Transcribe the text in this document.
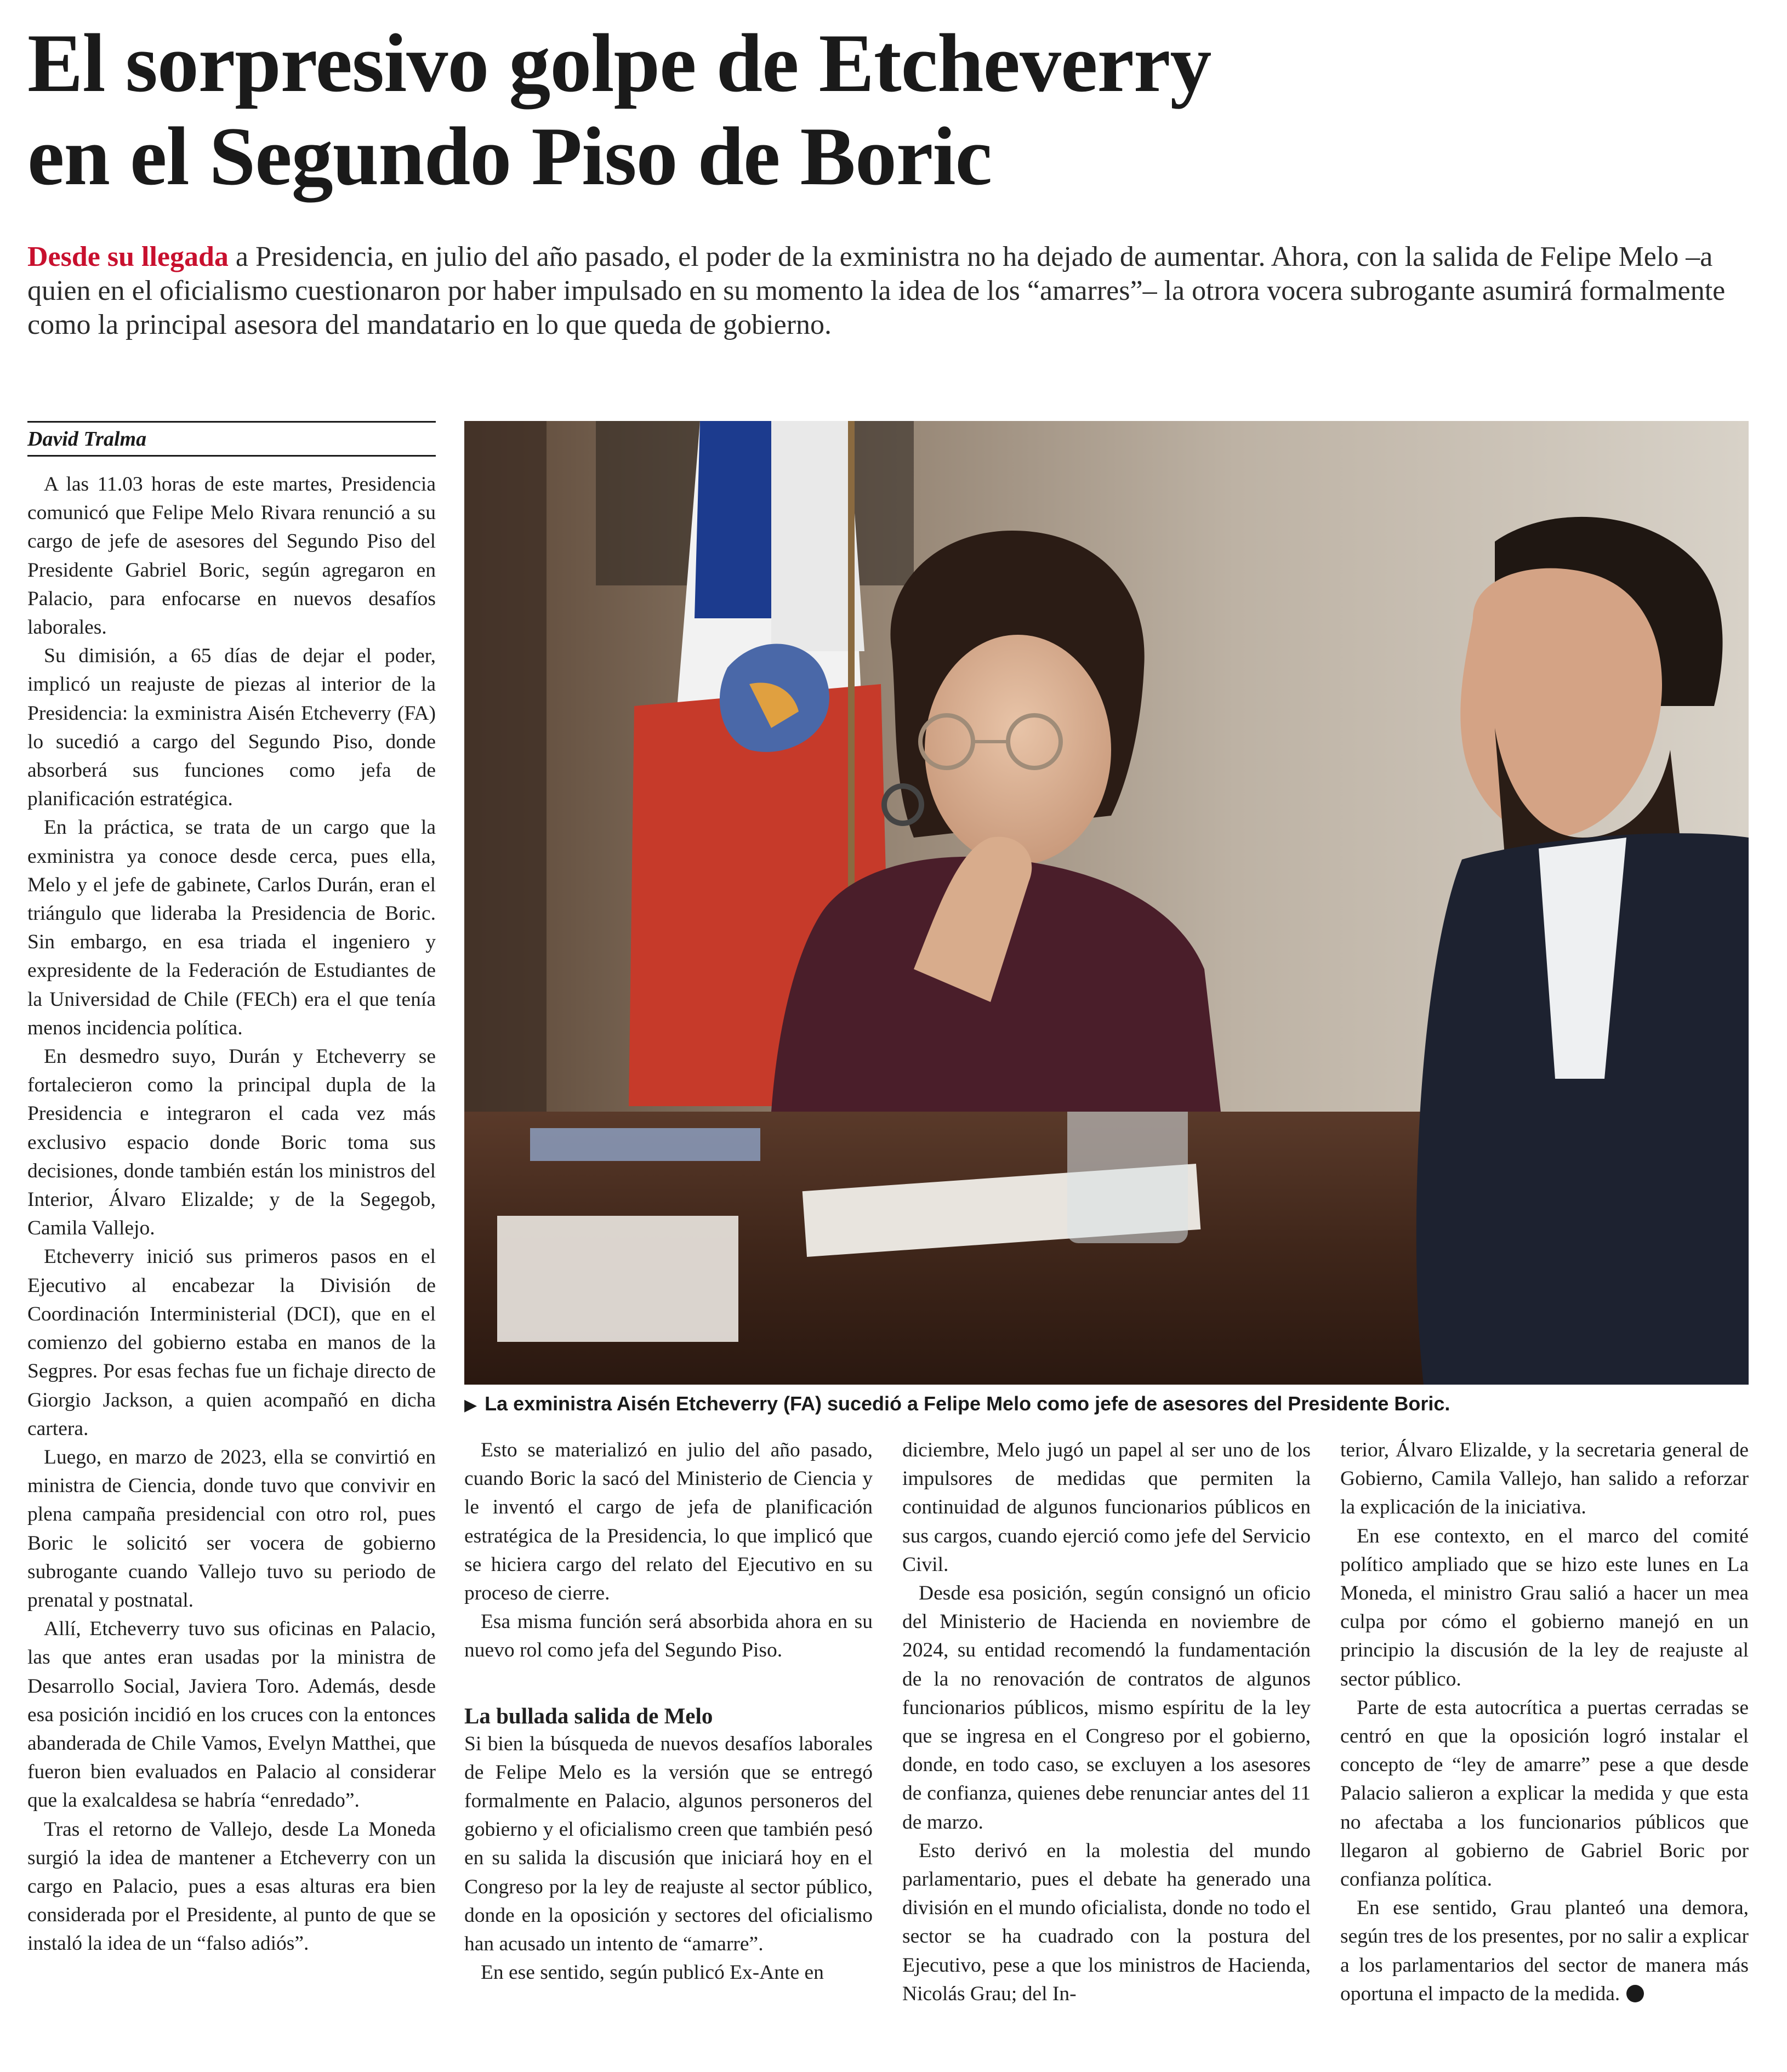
El sorpresivo golpe de Etcheverry
en el Segundo Piso de Boric

Desde su llegada a Presidencia, en julio del año pasado, el poder de la exministra no ha dejado de aumentar. Ahora, con la salida de Felipe Melo –a quien en el oficialismo cuestionaron por haber impulsado en su momento la idea de los “amarres”– la otrora vocera subrogante asumirá formalmente como la principal asesora del mandatario en lo que queda de gobierno.

David Tralma

A las 11.03 horas de este martes, Presidencia comunicó que Felipe Melo Rivara renunció a su cargo de jefe de asesores del Segundo Piso del Presidente Gabriel Boric, según agregaron en Palacio, para enfocarse en nuevos desafíos laborales.

Su dimisión, a 65 días de dejar el poder, implicó un reajuste de piezas al interior de la Presidencia: la exministra Aisén Etcheverry (FA) lo sucedió a cargo del Segundo Piso, donde absorberá sus funciones como jefa de planificación estratégica.

En la práctica, se trata de un cargo que la exministra ya conoce desde cerca, pues ella, Melo y el jefe de gabinete, Carlos Durán, eran el triángulo que lideraba la Presidencia de Boric. Sin embargo, en esa triada el ingeniero y expresidente de la Federación de Estudiantes de la Universidad de Chile (FECh) era el que tenía menos incidencia política.

En desmedro suyo, Durán y Etcheverry se fortalecieron como la principal dupla de la Presidencia e integraron el cada vez más exclusivo espacio donde Boric toma sus decisiones, donde también están los ministros del Interior, Álvaro Elizalde; y de la Segegob, Camila Vallejo.

Etcheverry inició sus primeros pasos en el Ejecutivo al encabezar la División de Coordinación Interministerial (DCI), que en el comienzo del gobierno estaba en manos de la Segpres. Por esas fechas fue un fichaje directo de Giorgio Jackson, a quien acompañó en dicha cartera.

Luego, en marzo de 2023, ella se convirtió en ministra de Ciencia, donde tuvo que convivir en plena campaña presidencial con otro rol, pues Boric le solicitó ser vocera de gobierno subrogante cuando Vallejo tuvo su periodo de prenatal y postnatal.

Allí, Etcheverry tuvo sus oficinas en Palacio, las que antes eran usadas por la ministra de Desarrollo Social, Javiera Toro. Además, desde esa posición incidió en los cruces con la entonces abanderada de Chile Vamos, Evelyn Matthei, que fueron bien evaluados en Palacio al considerar que la exalcaldesa se habría “enredado”.

Tras el retorno de Vallejo, desde La Moneda surgió la idea de mantener a Etcheverry con un cargo en Palacio, pues a esas alturas era bien considerada por el Presidente, al punto de que se instaló la idea de un “falso adiós”.

▶ La exministra Aisén Etcheverry (FA) sucedió a Felipe Melo como jefe de asesores del Presidente Boric.

Esto se materializó en julio del año pasado, cuando Boric la sacó del Ministerio de Ciencia y le inventó el cargo de jefa de planificación estratégica de la Presidencia, lo que implicó que se hiciera cargo del relato del Ejecutivo en su proceso de cierre.

Esa misma función será absorbida ahora en su nuevo rol como jefa del Segundo Piso.

La bullada salida de Melo

Si bien la búsqueda de nuevos desafíos laborales de Felipe Melo es la versión que se entregó formalmente en Palacio, algunos personeros del gobierno y el oficialismo creen que también pesó en su salida la discusión que iniciará hoy en el Congreso por la ley de reajuste al sector público, donde en la oposición y sectores del oficialismo han acusado un intento de “amarre”.

En ese sentido, según publicó Ex-Ante en

diciembre, Melo jugó un papel al ser uno de los impulsores de medidas que permiten la continuidad de algunos funcionarios públicos en sus cargos, cuando ejerció como jefe del Servicio Civil.

Desde esa posición, según consignó un oficio del Ministerio de Hacienda en noviembre de 2024, su entidad recomendó la fundamentación de la no renovación de contratos de algunos funcionarios públicos, mismo espíritu de la ley que se ingresa en el Congreso por el gobierno, donde, en todo caso, se excluyen a los asesores de confianza, quienes debe renunciar antes del 11 de marzo.

Esto derivó en la molestia del mundo parlamentario, pues el debate ha generado una división en el mundo oficialista, donde no todo el sector se ha cuadrado con la postura del Ejecutivo, pese a que los ministros de Hacienda, Nicolás Grau; del In-

terior, Álvaro Elizalde, y la secretaria general de Gobierno, Camila Vallejo, han salido a reforzar la explicación de la iniciativa.

En ese contexto, en el marco del comité político ampliado que se hizo este lunes en La Moneda, el ministro Grau salió a hacer un mea culpa por cómo el gobierno manejó en un principio la discusión de la ley de reajuste al sector público.

Parte de esta autocrítica a puertas cerradas se centró en que la oposición logró instalar el concepto de “ley de amarre” pese a que desde Palacio salieron a explicar la medida y que esta no afectaba a los funcionarios públicos que llegaron al gobierno de Gabriel Boric por confianza política.

En ese sentido, Grau planteó una demora, según tres de los presentes, por no salir a explicar a los parlamentarios del sector de manera más oportuna el impacto de la medida.
